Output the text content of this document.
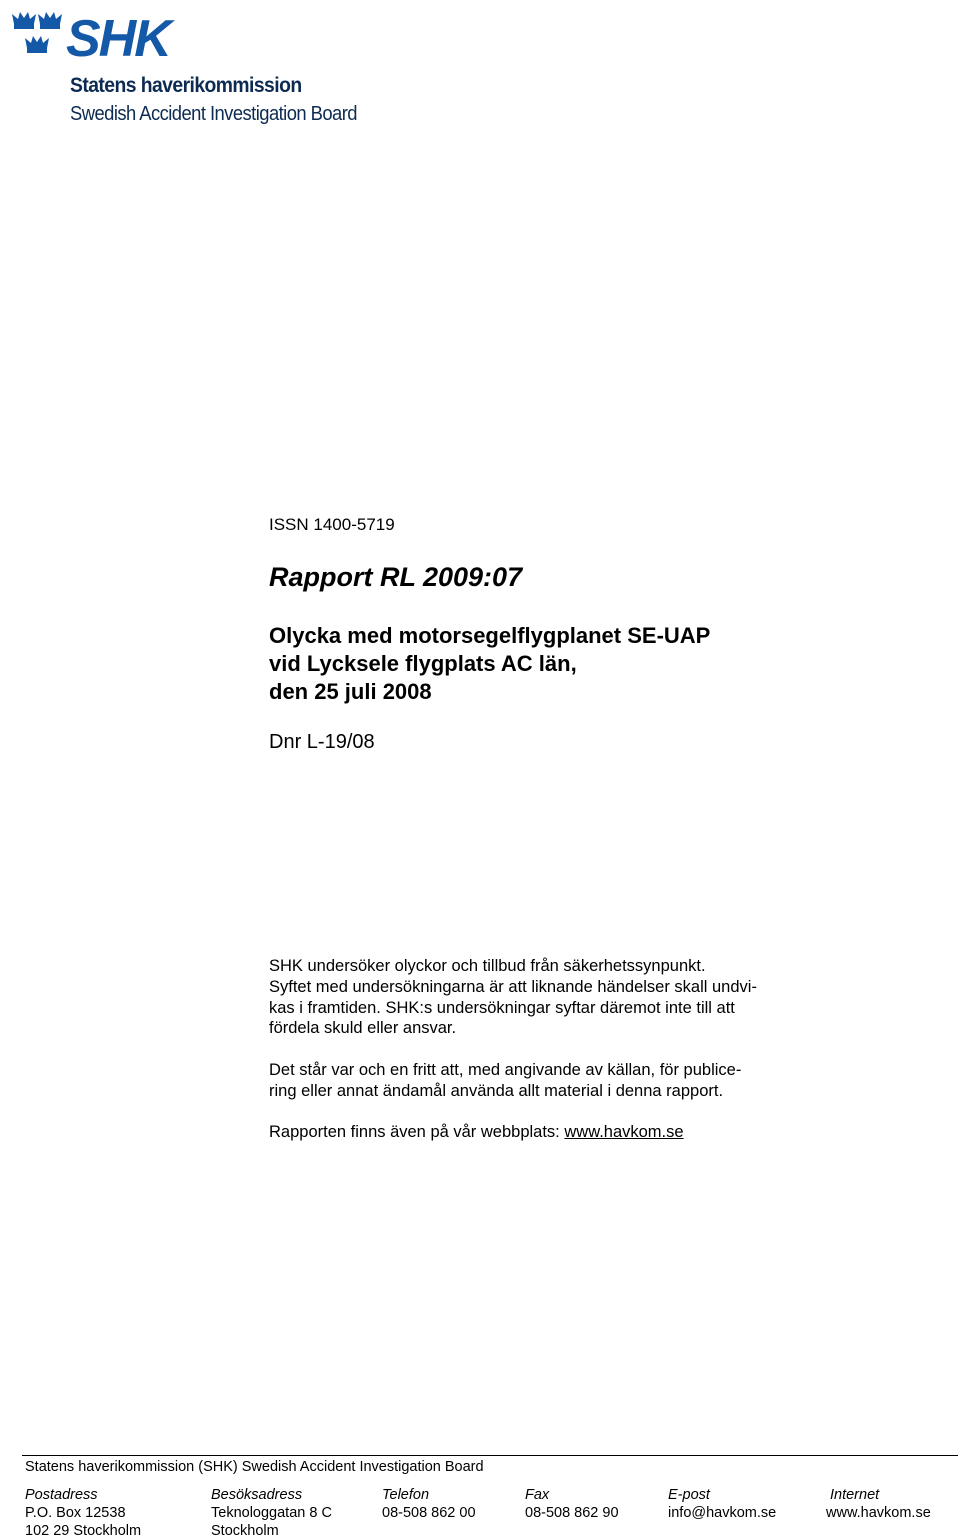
SHK
Statens haverikommission
Swedish Accident Investigation Board
ISSN 1400-5719
Rapport RL 2009:07
Olycka med motorsegelflygplanet SE-UAP
vid Lycksele flygplats AC län,
den 25 juli 2008
Dnr L-19/08
SHK undersöker olyckor och tillbud från säkerhetssynpunkt.
Syftet med undersökningarna är att liknande händelser skall undvi-
kas i framtiden. SHK:s undersökningar syftar däremot inte till att
fördela skuld eller ansvar.
Det står var och en fritt att, med angivande av källan, för publice-
ring eller annat ändamål använda allt material i denna rapport.
Rapporten finns även på vår webbplats: www.havkom.se
Statens haverikommission (SHK) Swedish Accident Investigation Board
Postadress
P.O. Box 12538
102 29 Stockholm
Besöksadress
Teknologgatan 8 C
Stockholm
Telefon
08-508 862 00
Fax
08-508 862 90
E-post
info@havkom.se
Internet
www.havkom.se
